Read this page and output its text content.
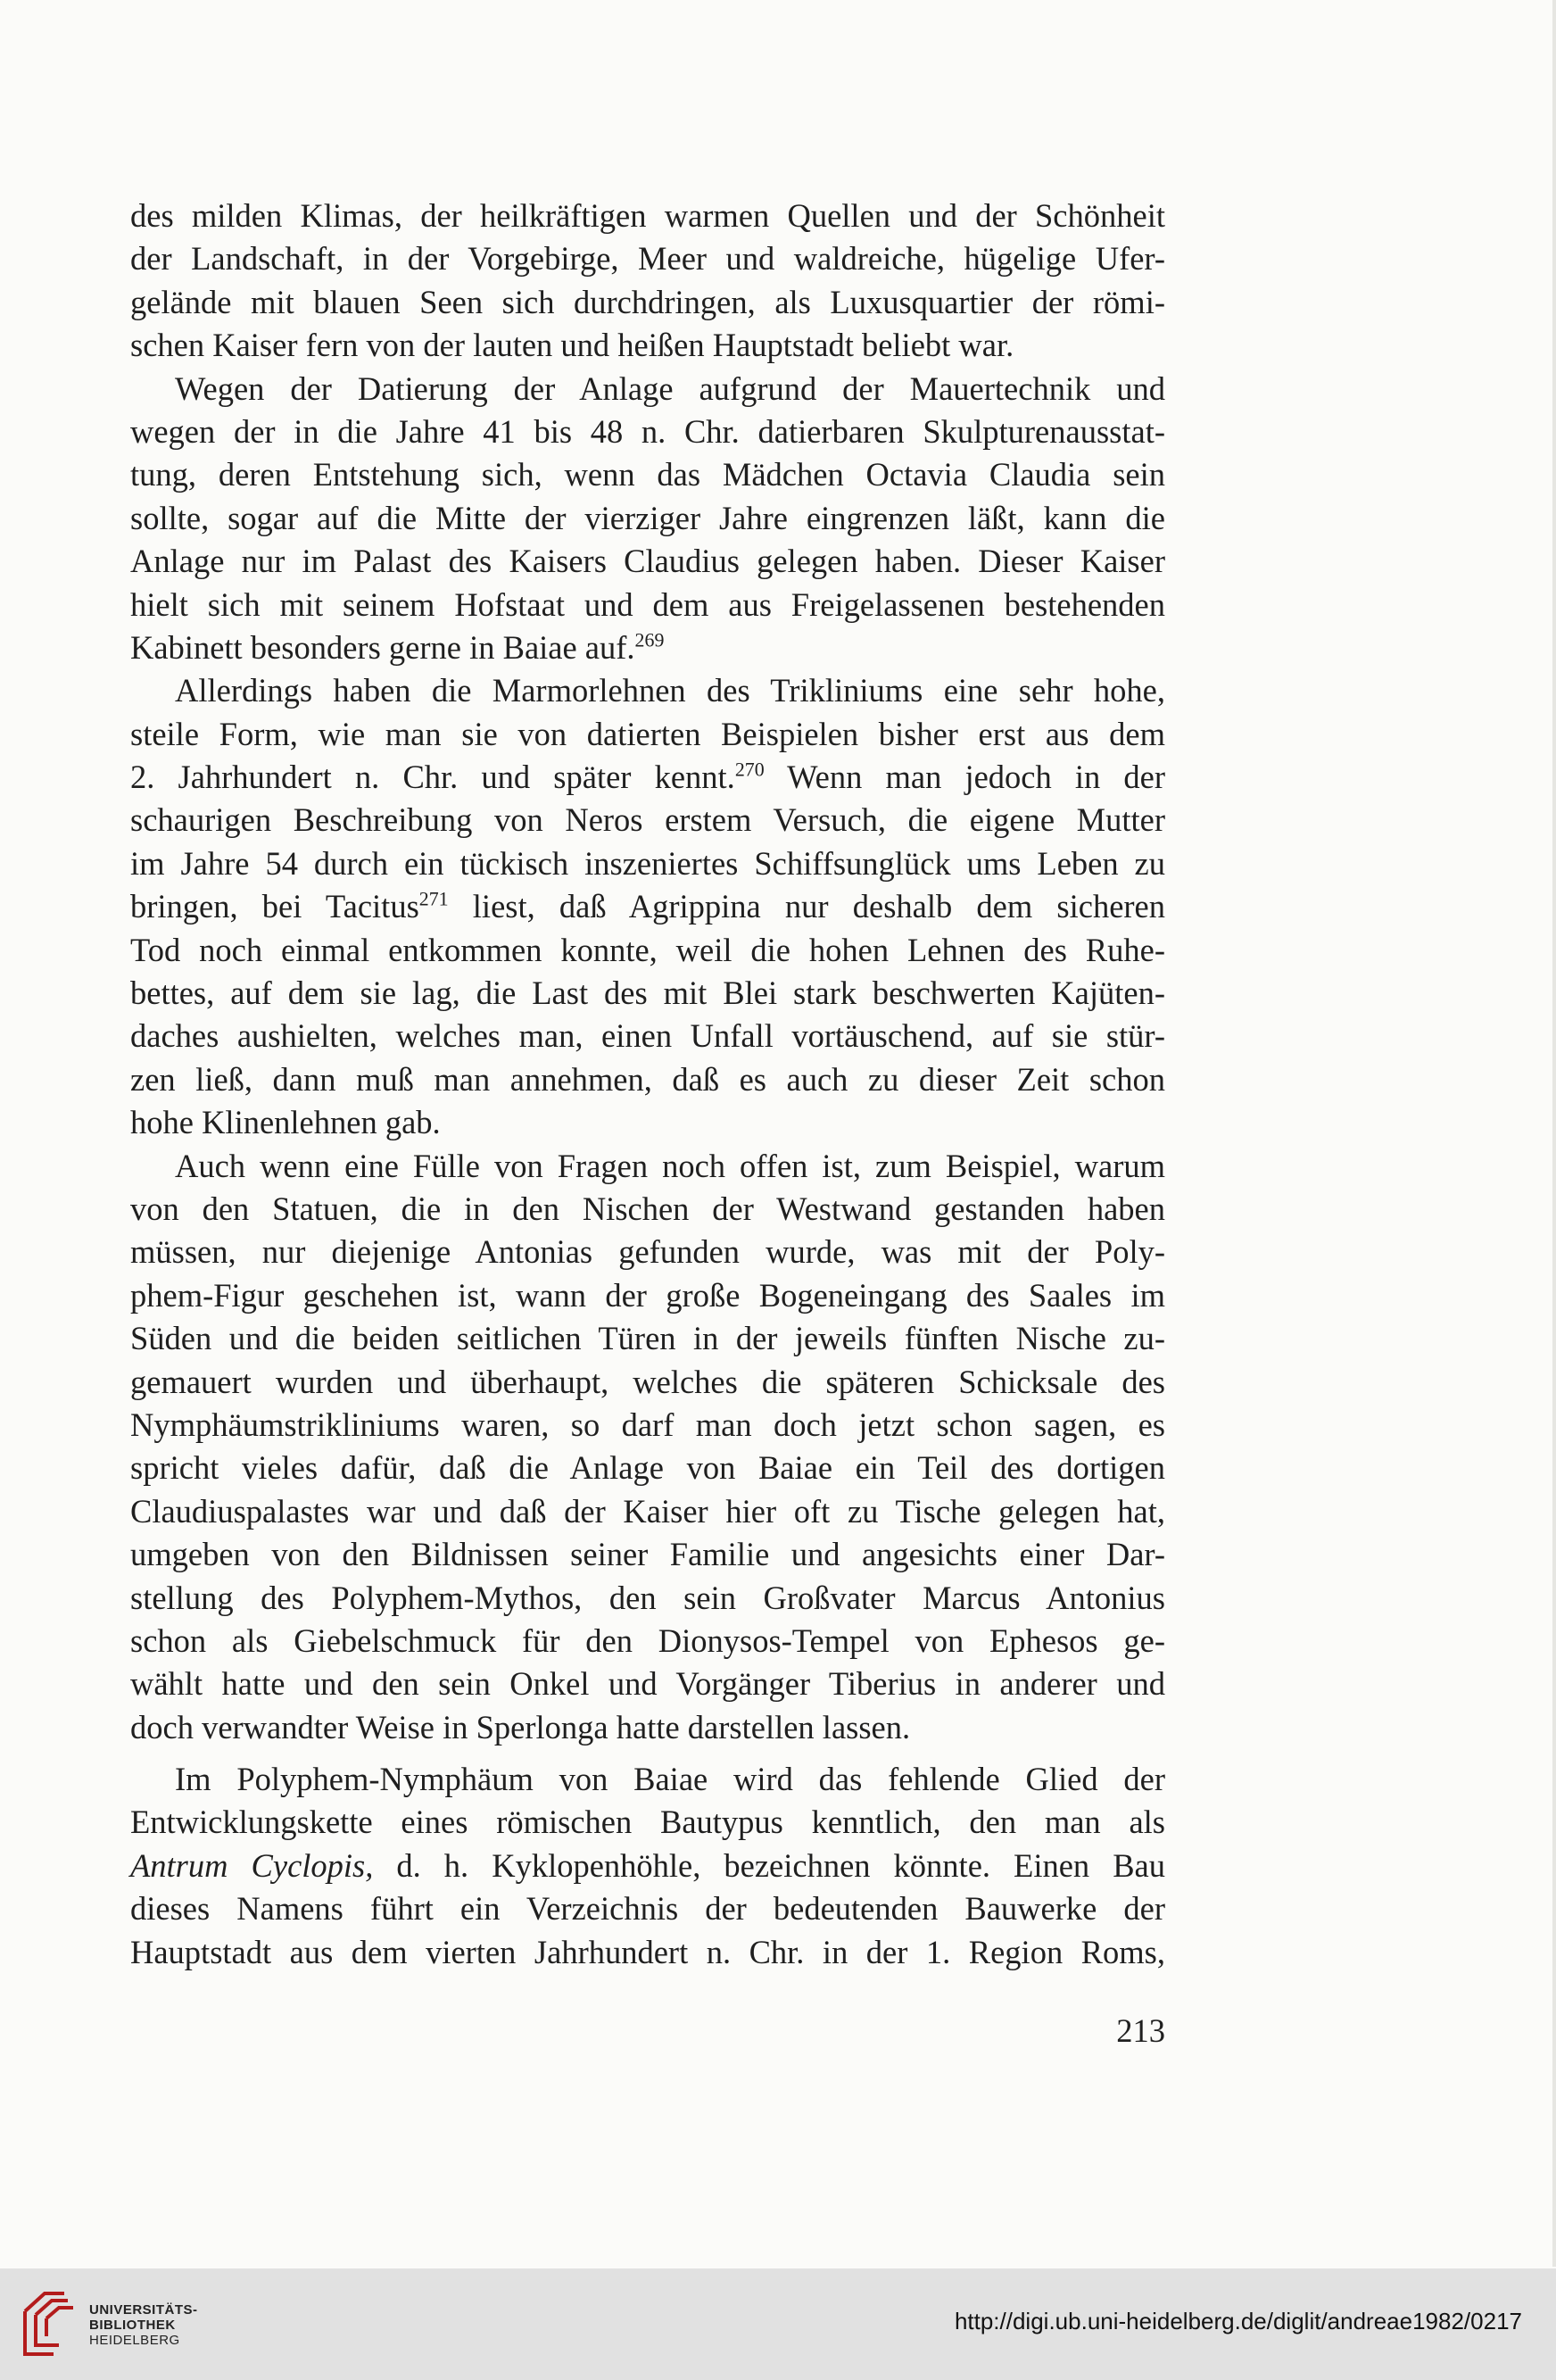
des milden Klimas, der heilkräftigen warmen Quellen und der Schönheit
der Landschaft, in der Vorgebirge, Meer und waldreiche, hügelige Ufer-
gelände mit blauen Seen sich durchdringen, als Luxusquartier der römi-
schen Kaiser fern von der lauten und heißen Hauptstadt beliebt war.
Wegen der Datierung der Anlage aufgrund der Mauertechnik und
wegen der in die Jahre 41 bis 48 n. Chr. datierbaren Skulpturenausstat-
tung, deren Entstehung sich, wenn das Mädchen Octavia Claudia sein
sollte, sogar auf die Mitte der vierziger Jahre eingrenzen läßt, kann die
Anlage nur im Palast des Kaisers Claudius gelegen haben. Dieser Kaiser
hielt sich mit seinem Hofstaat und dem aus Freigelassenen bestehenden
Kabinett besonders gerne in Baiae auf.$^{269}$
Allerdings haben die Marmorlehnen des Trikliniums eine sehr hohe,
steile Form, wie man sie von datierten Beispielen bisher erst aus dem
2. Jahrhundert n. Chr. und später kennt.$^{270}$ Wenn man jedoch in der
schaurigen Beschreibung von Neros erstem Versuch, die eigene Mutter
im Jahre 54 durch ein tückisch inszeniertes Schiffsunglück ums Leben zu
bringen, bei Tacitus$^{271}$ liest, daß Agrippina nur deshalb dem sicheren
Tod noch einmal entkommen konnte, weil die hohen Lehnen des Ruhe-
bettes, auf dem sie lag, die Last des mit Blei stark beschwerten Kajüten-
daches aushielten, welches man, einen Unfall vortäuschend, auf sie stür-
zen ließ, dann muß man annehmen, daß es auch zu dieser Zeit schon
hohe Klinenlehnen gab.
Auch wenn eine Fülle von Fragen noch offen ist, zum Beispiel, warum
von den Statuen, die in den Nischen der Westwand gestanden haben
müssen, nur diejenige Antonias gefunden wurde, was mit der Poly-
phem-Figur geschehen ist, wann der große Bogeneingang des Saales im
Süden und die beiden seitlichen Türen in der jeweils fünften Nische zu-
gemauert wurden und überhaupt, welches die späteren Schicksale des
Nymphäumstrikliniums waren, so darf man doch jetzt schon sagen, es
spricht vieles dafür, daß die Anlage von Baiae ein Teil des dortigen
Claudiuspalastes war und daß der Kaiser hier oft zu Tische gelegen hat,
umgeben von den Bildnissen seiner Familie und angesichts einer Dar-
stellung des Polyphem-Mythos, den sein Großvater Marcus Antonius
schon als Giebelschmuck für den Dionysos-Tempel von Ephesos ge-
wählt hatte und den sein Onkel und Vorgänger Tiberius in anderer und
doch verwandter Weise in Sperlonga hatte darstellen lassen.
Im Polyphem-Nymphäum von Baiae wird das fehlende Glied der
Entwicklungskette eines römischen Bautypus kenntlich, den man als
Antrum Cyclopis, d. h. Kyklopenhöhle, bezeichnen könnte. Einen Bau
dieses Namens führt ein Verzeichnis der bedeutenden Bauwerke der
Hauptstadt aus dem vierten Jahrhundert n. Chr. in der 1. Region Roms,
213
UNIVERSITÄTS-
BIBLIOTHEK
HEIDELBERG
http://digi.ub.uni-heidelberg.de/diglit/andreae1982/0217
